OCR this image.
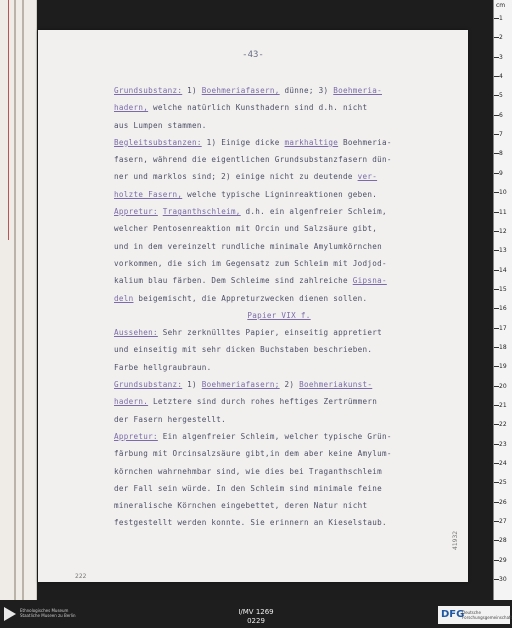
-43-
222
41932
Grundsubstanz: 1) Boehmeriafasern, dünne; 3) Boehmeria-
hadern, welche natürlich Kunsthadern sind d.h. nicht
aus Lumpen stammen.
Begleitsubstanzen: 1) Einige dicke markhaltige Boehmeria-
fasern, während die eigentlichen Grundsubstanzfasern dün-
ner und marklos sind; 2) einige nicht zu deutende ver-
holzte Fasern, welche typische Ligninreaktionen geben.
Appretur: Traganthschleim, d.h. ein algenfreier Schleim,
welcher Pentosenreaktion mit Orcin und Salzsäure gibt,
und in dem vereinzelt rundliche minimale Amylumkörnchen
vorkommen, die sich im Gegensatz zum Schleim mit Jodjod-
kalium blau färben. Dem Schleime sind zahlreiche Gipsna-
deln beigemischt, die Appreturzwecken dienen sollen.
Papier VIX f.
Aussehen: Sehr zerknülltes Papier, einseitig appretiert
und einseitig mit sehr dicken Buchstaben beschrieben.
Farbe hellgraubraun.
Grundsubstanz: 1) Boehmeriafasern; 2) Boehmeriakunst-
hadern. Letztere sind durch rohes heftiges Zertrümmern
der Fasern hergestellt.
Appretur: Ein algenfreier Schleim, welcher typische Grün-
färbung mit Orcinsalzsäure gibt,in dem aber keine Amylum-
körnchen wahrnehmbar sind, wie dies bei Traganthschleim
der Fall sein würde. In den Schleim sind minimale feine
mineralische Körnchen eingebettet, deren Natur nicht
festgestellt werden konnte. Sie erinnern an Kieselstaub.
cm
1
2
3
4
5
6
7
8
9
10
11
12
13
14
15
16
17
18
19
20
21
22
23
24
25
26
27
28
29
30
Ethnologisches Museum
Staatliche Museen zu Berlin	I/MV 1269
0229
DFG
Deutsche
Forschungsgemeinschaft
